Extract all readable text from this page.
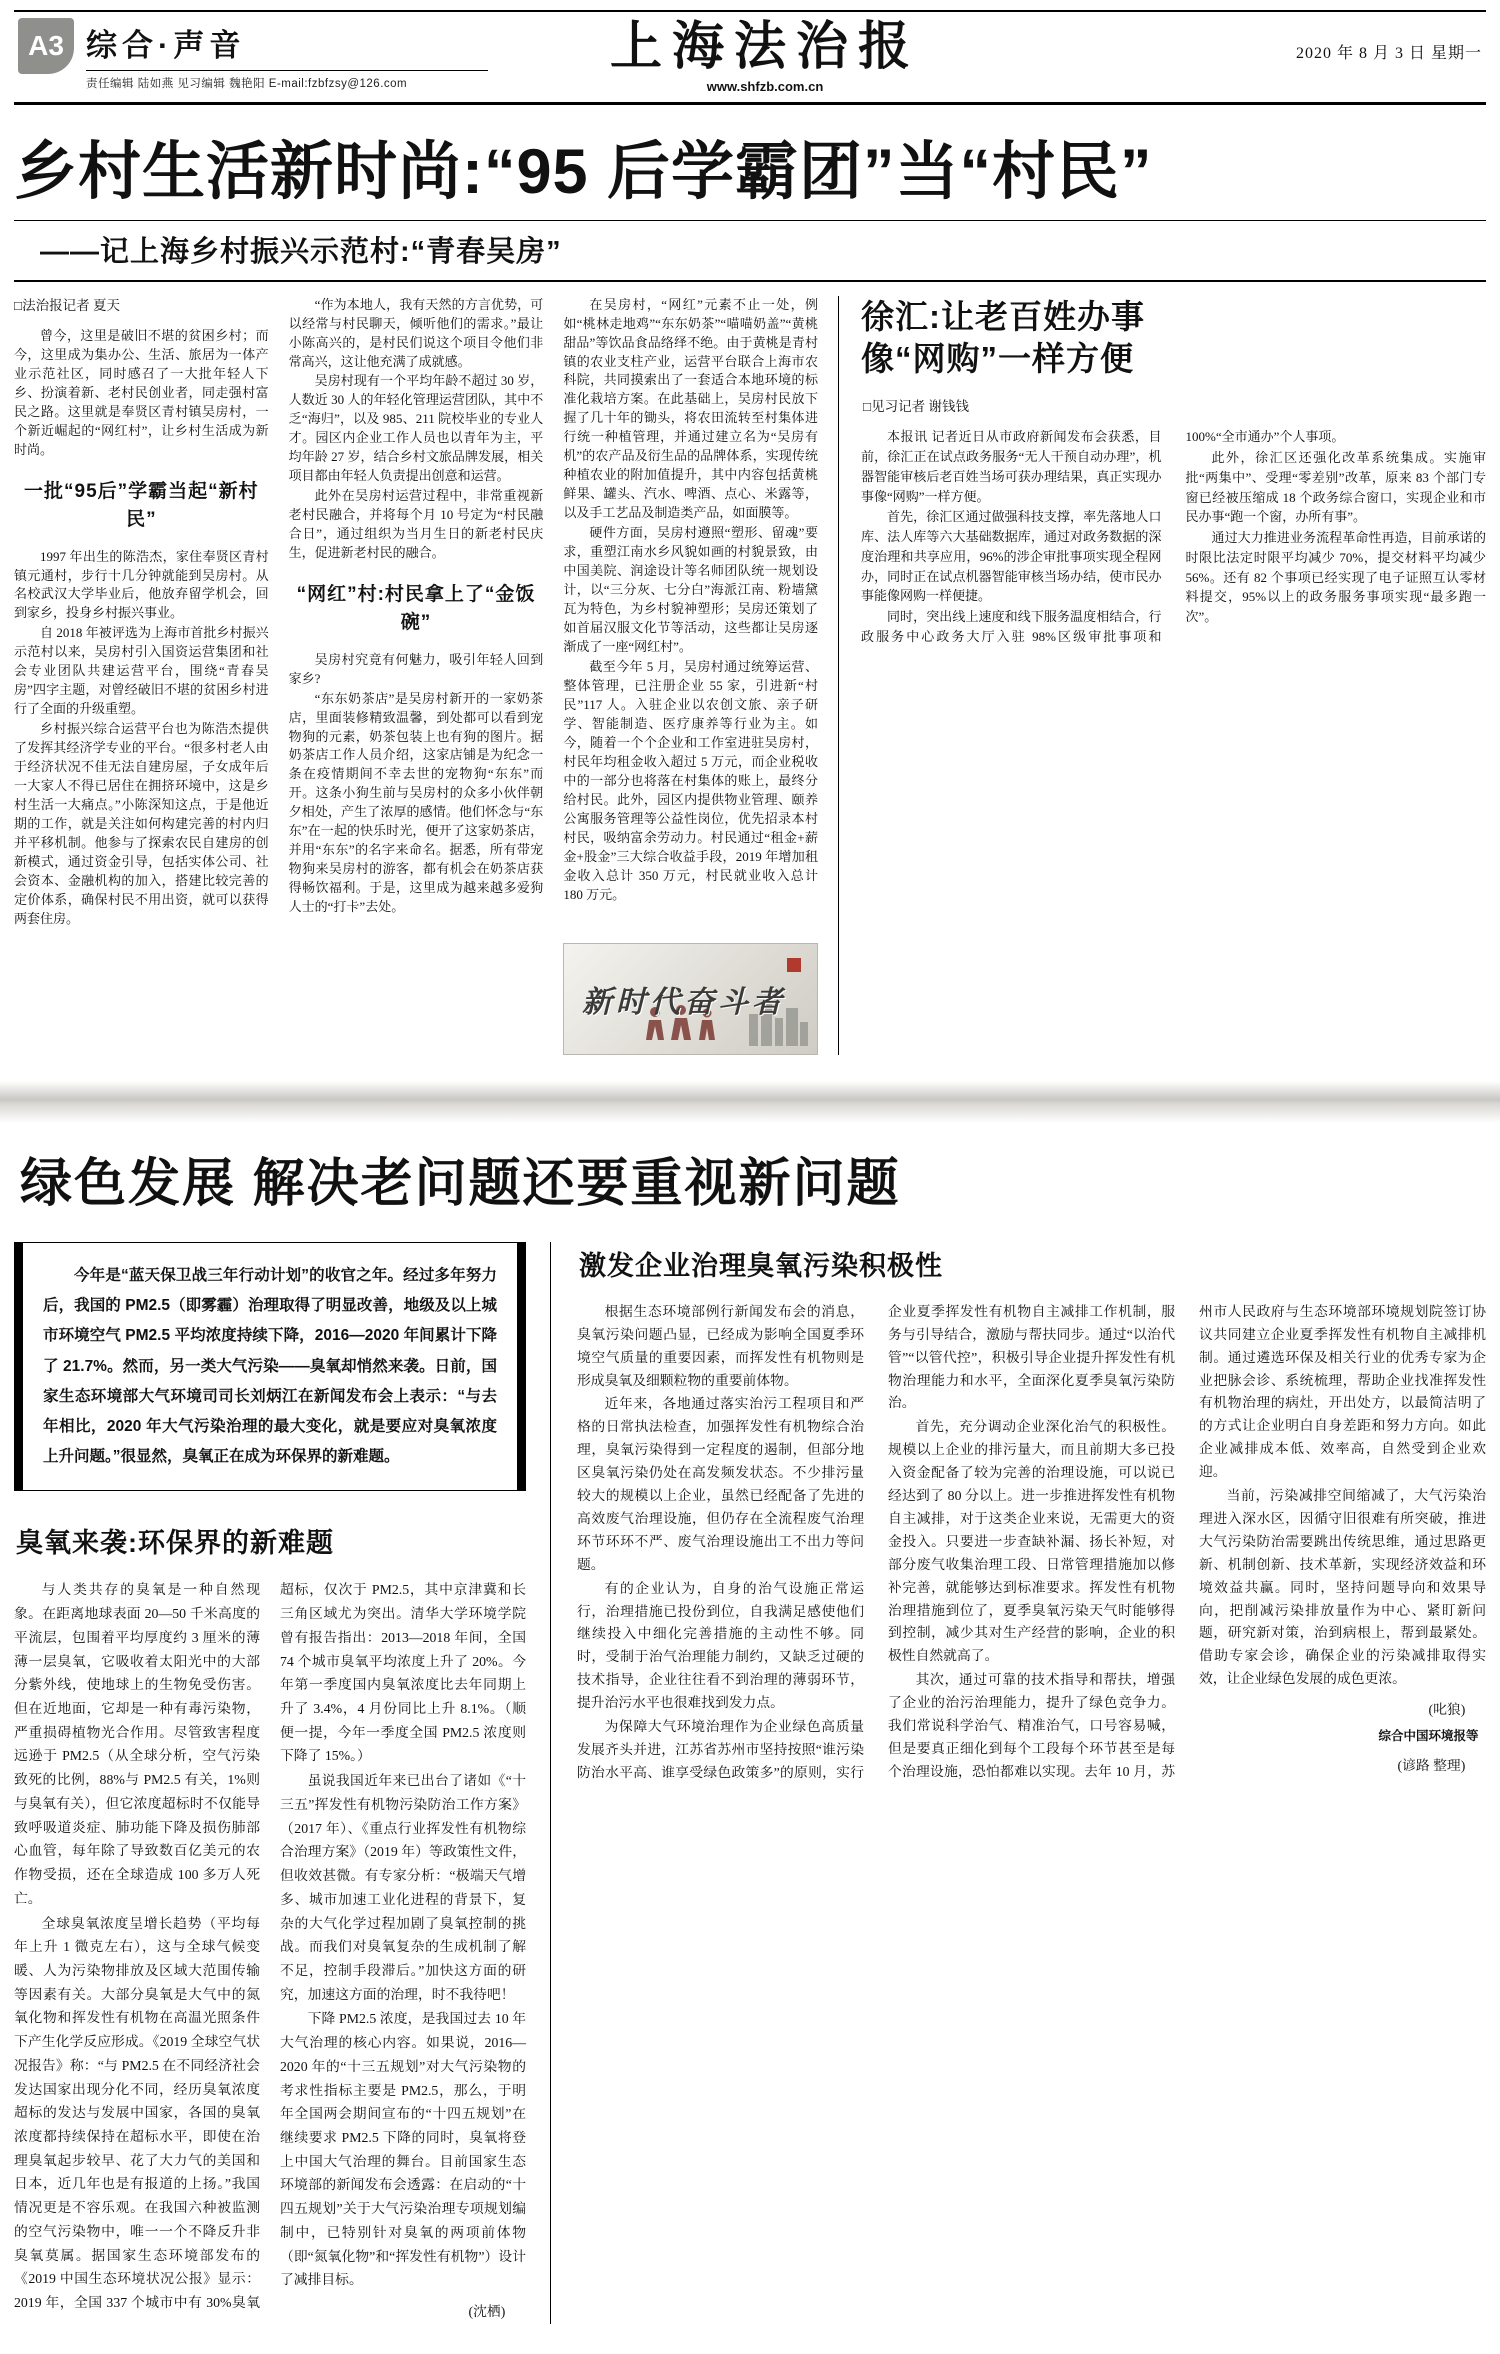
A3 综合·声音
责任编辑 陆如燕 见习编辑 魏艳阳 E-mail:fzbfzsy@126.com
上海法治报
www.shfzb.com.cn
2020 年 8 月 3 日 星期一
乡村生活新时尚:“95 后学霸团”当“村民”
——记上海乡村振兴示范村:“青春吴房”

□法治报记者 夏天

曾今，这里是破旧不堪的贫困乡村；而今，这里成为集办公、生活、旅居为一体产业示范社区，同时感召了一大批年轻人下乡、扮演着新、老村民创业者，同走强村富民之路。这里就是奉贤区青村镇吴房村，一个新近崛起的“网红村”，让乡村生活成为新时尚。

一批“95后”学霸当起“新村民”

1997 年出生的陈浩杰，家住奉贤区青村镇元通村，步行十几分钟就能到吴房村。从名校武汉大学毕业后，他放弃留学机会，回到家乡，投身乡村振兴事业。

自 2018 年被评选为上海市首批乡村振兴示范村以来，吴房村引入国资运营集团和社会专业团队共建运营平台，围绕“青春吴房”四字主题，对曾经破旧不堪的贫困乡村进行了全面的升级重塑。

乡村振兴综合运营平台也为陈浩杰提供了发挥其经济学专业的平台。“很多村老人由于经济状况不佳无法自建房屋，子女成年后一大家人不得已居住在拥挤环境中，这是乡村生活一大痛点。”小陈深知这点，于是他近期的工作，就是关注如何构建完善的村内归并平移机制。他参与了探索农民自建房的创新模式，通过资金引导，包括实体公司、社会资本、金融机构的加入，搭建比较完善的定价体系，确保村民不用出资，就可以获得两套住房。

“作为本地人，我有天然的方言优势，可以经常与村民聊天，倾听他们的需求。”最让小陈高兴的，是村民们说这个项目令他们非常高兴，这让他充满了成就感。

吴房村现有一个平均年龄不超过 30 岁，人数近 30 人的年轻化管理运营团队，其中不乏“海归”，以及 985、211 院校毕业的专业人才。园区内企业工作人员也以青年为主，平均年龄 27 岁，结合乡村文旅品牌发展，相关项目都由年轻人负责提出创意和运营。

此外在吴房村运营过程中，非常重视新老村民融合，并将每个月 10 号定为“村民融合日”，通过组织为当月生日的新老村民庆生，促进新老村民的融合。

“网红”村:村民拿上了“金饭碗”

吴房村究竟有何魅力，吸引年轻人回到家乡?

“东东奶茶店”是吴房村新开的一家奶茶店，里面装修精致温馨，到处都可以看到宠物狗的元素，奶茶包装上也有狗的图片。据奶茶店工作人员介绍，这家店铺是为纪念一条在疫情期间不幸去世的宠物狗“东东”而开。这条小狗生前与吴房村的众多小伙伴朝夕相处，产生了浓厚的感情。他们怀念与“东东”在一起的快乐时光，便开了这家奶茶店，并用“东东”的名字来命名。据悉，所有带宠物狗来吴房村的游客，都有机会在奶茶店获得畅饮福利。于是，这里成为越来越多爱狗人士的“打卡”去处。

在吴房村，“网红”元素不止一处，例如“桃林走地鸡”“东东奶茶”“喵喵奶盖”“黄桃甜品”等饮品食品络绎不绝。由于黄桃是青村镇的农业支柱产业，运营平台联合上海市农科院，共同摸索出了一套适合本地环境的标准化栽培方案。在此基础上，吴房村民放下握了几十年的锄头，将农田流转至村集体进行统一种植管理，并通过建立名为“吴房有机”的农产品及衍生品的品牌体系，实现传统种植农业的附加值提升，其中内容包括黄桃鲜果、罐头、汽水、啤酒、点心、米露等，以及手工艺品及制造类产品，如面膜等。

硬件方面，吴房村遵照“塑形、留魂”要求，重塑江南水乡风貌如画的村貌景致，由中国美院、润途设计等名师团队统一规划设计，以“三分灰、七分白”海派江南、粉墙黛瓦为特色，为乡村貌神塑形；吴房还策划了如首届汉服文化节等活动，这些都让吴房逐渐成了一座“网红村”。

截至今年 5 月，吴房村通过统筹运营、整体管理，已注册企业 55 家，引进新“村民”117 人。入驻企业以农创文旅、亲子研学、智能制造、医疗康养等行业为主。如今，随着一个个企业和工作室进驻吴房村，村民年均租金收入超过 5 万元，而企业税收中的一部分也将落在村集体的账上，最终分给村民。此外，园区内提供物业管理、颐养公寓服务管理等公益性岗位，优先招录本村村民，吸纳富余劳动力。村民通过“租金+薪金+股金”三大综合收益手段，2019 年增加租金收入总计 350 万元，村民就业收入总计 180 万元。

新时代奋斗者
徐汇:让老百姓办事
像“网购”一样方便

□见习记者 谢钱钱

本报讯 记者近日从市政府新闻发布会获悉，目前，徐汇正在试点政务服务“无人干预自动办理”，机器智能审核后老百姓当场可获办理结果，真正实现办事像“网购”一样方便。

首先，徐汇区通过做强科技支撑，率先落地人口库、法人库等六大基础数据库，通过对政务数据的深度治理和共享应用，96%的涉企审批事项实现全程网办，同时正在试点机器智能审核当场办结，使市民办事能像网购一样便捷。

同时，突出线上速度和线下服务温度相结合，行政服务中心政务大厅入驻 98%区级审批事项和 100%“全市通办”个人事项。

此外，徐汇区还强化改革系统集成。实施审批“两集中”、受理“零差别”改革，原来 83 个部门专窗已经被压缩成 18 个政务综合窗口，实现企业和市民办事“跑一个窗，办所有事”。

通过大力推进业务流程革命性再造，目前承诺的时限比法定时限平均减少 70%，提交材料平均减少 56%。还有 82 个事项已经实现了电子证照互认零材料提交，95%以上的政务服务事项实现“最多跑一次”。

绿色发展 解决老问题还要重视新问题

今年是“蓝天保卫战三年行动计划”的收官之年。经过多年努力后，我国的 PM2.5（即雾霾）治理取得了明显改善，地级及以上城市环境空气 PM2.5 平均浓度持续下降，2016—2020 年间累计下降了 21.7%。然而，另一类大气污染——臭氧却悄然来袭。日前，国家生态环境部大气环境司司长刘炳江在新闻发布会上表示：“与去年相比，2020 年大气污染治理的最大变化，就是要应对臭氧浓度上升问题。”很显然，臭氧正在成为环保界的新难题。

臭氧来袭:环保界的新难题

与人类共存的臭氧是一种自然现象。在距离地球表面 20—50 千米高度的平流层，包围着平均厚度约 3 厘米的薄薄一层臭氧，它吸收着太阳光中的大部分紫外线，使地球上的生物免受伤害。但在近地面，它却是一种有毒污染物，严重损碍植物光合作用。尽管致害程度远逊于 PM2.5（从全球分析，空气污染致死的比例，88%与 PM2.5 有关，1%则与臭氧有关），但它浓度超标时不仅能导致呼吸道炎症、肺功能下降及损伤肺部心血管，每年除了导致数百亿美元的农作物受损，还在全球造成 100 多万人死亡。

全球臭氧浓度呈增长趋势（平均每年上升 1 微克左右），这与全球气候变暖、人为污染物排放及区域大范围传输等因素有关。大部分臭氧是大气中的氮氧化物和挥发性有机物在高温光照条件下产生化学反应形成。《2019 全球空气状况报告》称：“与 PM2.5 在不同经济社会发达国家出现分化不同，经历臭氧浓度超标的发达与发展中国家，各国的臭氧浓度都持续保持在超标水平，即使在治理臭氧起步较早、花了大力气的美国和日本，近几年也是有报道的上扬。”我国情况更是不容乐观。在我国六种被监测的空气污染物中，唯一一个不降反升非臭氧莫属。据国家生态环境部发布的《2019 中国生态环境状况公报》显示：2019 年，全国 337 个城市中有 30%臭氧超标，仅次于 PM2.5，其中京津冀和长三角区域尤为突出。清华大学环境学院曾有报告指出：2013—2018 年间，全国 74 个城市臭氧平均浓度上升了 20%。今年第一季度国内臭氧浓度比去年同期上升了 3.4%，4 月份同比上升 8.1%。（顺便一提，今年一季度全国 PM2.5 浓度则下降了 15%。）

虽说我国近年来已出台了诸如《“十三五”挥发性有机物污染防治工作方案》（2017 年）、《重点行业挥发性有机物综合治理方案》（2019 年）等政策性文件，但收效甚微。有专家分析：“极端天气增多、城市加速工业化进程的背景下，复杂的大气化学过程加剧了臭氧控制的挑战。而我们对臭氧复杂的生成机制了解不足，控制手段滞后。”加快这方面的研究，加速这方面的治理，时不我待吧！

下降 PM2.5 浓度，是我国过去 10 年大气治理的核心内容。如果说，2016—2020 年的“十三五规划”对大气污染物的考求性指标主要是 PM2.5，那么，于明年全国两会期间宣布的“十四五规划”在继续要求 PM2.5 下降的同时，臭氧将登上中国大气治理的舞台。目前国家生态环境部的新闻发布会透露：在启动的“十四五规划”关于大气污染治理专项规划编制中，已特别针对臭氧的两项前体物（即“氮氧化物”和“挥发性有机物”）设计了减排目标。

(沈栖)

激发企业治理臭氧污染积极性

根据生态环境部例行新闻发布会的消息，臭氧污染问题凸显，已经成为影响全国夏季环境空气质量的重要因素，而挥发性有机物则是形成臭氧及细颗粒物的重要前体物。

近年来，各地通过落实治污工程项目和严格的日常执法检查，加强挥发性有机物综合治理，臭氧污染得到一定程度的遏制，但部分地区臭氧污染仍处在高发频发状态。不少排污量较大的规模以上企业，虽然已经配备了先进的高效废气治理设施，但仍存在全流程废气治理环节环环不严、废气治理设施出工不出力等问题。

有的企业认为，自身的治气设施正常运行，治理措施已投份到位，自我满足感使他们继续投入中细化完善措施的主动性不够。同时，受制于治气治理能力制约，又缺乏过硬的技术指导，企业往往看不到治理的薄弱环节，提升治污水平也很难找到发力点。

为保障大气环境治理作为企业绿色高质量发展齐头并进，江苏省苏州市坚持按照“谁污染防治水平高、谁享受绿色政策多”的原则，实行企业夏季挥发性有机物自主减排工作机制，服务与引导结合，激励与帮扶同步。通过“以治代管”“以管代控”，积极引导企业提升挥发性有机物治理能力和水平，全面深化夏季臭氧污染防治。

首先，充分调动企业深化治气的积极性。规模以上企业的排污量大，而且前期大多已投入资金配备了较为完善的治理设施，可以说已经达到了 80 分以上。进一步推进挥发性有机物自主减排，对于这类企业来说，无需更大的资金投入。只要进一步查缺补漏、扬长补短，对部分废气收集治理工段、日常管理措施加以修补完善，就能够达到标准要求。挥发性有机物治理措施到位了，夏季臭氧污染天气时能够得到控制，减少其对生产经营的影响，企业的积极性自然就高了。

其次，通过可靠的技术指导和帮扶，增强了企业的治污治理能力，提升了绿色竞争力。我们常说科学治气、精准治气，口号容易喊，但是要真正细化到每个工段每个环节甚至是每个治理设施，恐怕都难以实现。去年 10 月，苏州市人民政府与生态环境部环境规划院签订协议共同建立企业夏季挥发性有机物自主减排机制。通过遴选环保及相关行业的优秀专家为企业把脉会诊、系统梳理，帮助企业找准挥发性有机物治理的病灶，开出处方，以最简洁明了的方式让企业明白自身差距和努力方向。如此企业减排成本低、效率高，自然受到企业欢迎。

当前，污染减排空间缩减了，大气污染治理进入深水区，因循守旧很难有所突破，推进大气污染防治需要跳出传统思维，通过思路更新、机制创新、技术革新，实现经济效益和环境效益共赢。同时，坚持问题导向和效果导向，把削减污染排放量作为中心、紧盯新问题，研究新对策，治到病根上，帮到最紧处。借助专家会诊，确保企业的污染减排取得实效，让企业绿色发展的成色更浓。

(叱狼)

综合中国环境报等

(谚路 整理)
